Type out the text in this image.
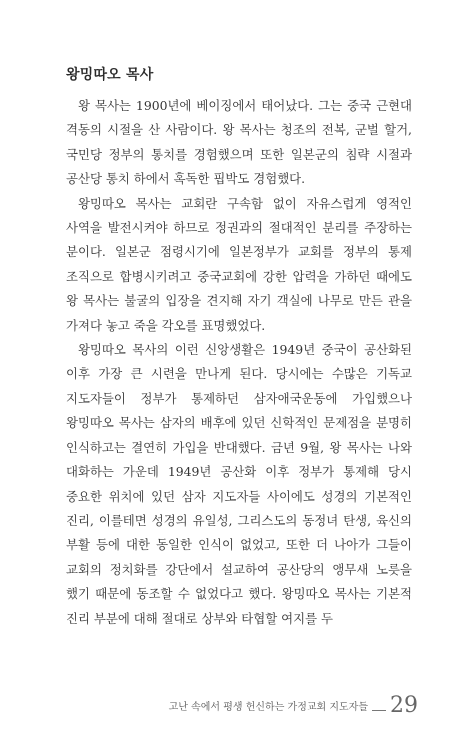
왕밍따오 목사

왕 목사는 1900년에 베이징에서 태어났다. 그는 중국 근현대 격동의 시절을 산 사람이다. 왕 목사는 청조의 전복, 군벌 할거, 국민당 정부의 통치를 경험했으며 또한 일본군의 침략 시절과 공산당 통치 하에서 혹독한 핍박도 경험했다.

왕밍따오 목사는 교회란 구속함 없이 자유스럽게 영적인 사역을 발전시켜야 하므로 정권과의 절대적인 분리를 주장하는 분이다. 일본군 점령시기에 일본정부가 교회를 정부의 통제 조직으로 합병시키려고 중국교회에 강한 압력을 가하던 때에도 왕 목사는 불굴의 입장을 견지해 자기 객실에 나무로 만든 관을 가져다 놓고 죽을 각오를 표명했었다.

왕밍따오 목사의 이런 신앙생활은 1949년 중국이 공산화된 이후 가장 큰 시련을 만나게 된다. 당시에는 수많은 기독교 지도자들이 정부가 통제하던 삼자애국운동에 가입했으나 왕밍따오 목사는 삼자의 배후에 있던 신학적인 문제점을 분명히 인식하고는 결연히 가입을 반대했다. 금년 9월, 왕 목사는 나와 대화하는 가운데 1949년 공산화 이후 정부가 통제해 당시 중요한 위치에 있던 삼자 지도자들 사이에도 성경의 기본적인 진리, 이를테면 성경의 유일성, 그리스도의 동정녀 탄생, 육신의 부활 등에 대한 동일한 인식이 없었고, 또한 더 나아가 그들이 교회의 정치화를 강단에서 설교하여 공산당의 앵무새 노릇을 했기 때문에 동조할 수 없었다고 했다. 왕밍따오 목사는 기본적 진리 부분에 대해 절대로 상부와 타협할 여지를 두

고난 속에서 평생 헌신하는 가정교회 지도자들 29
